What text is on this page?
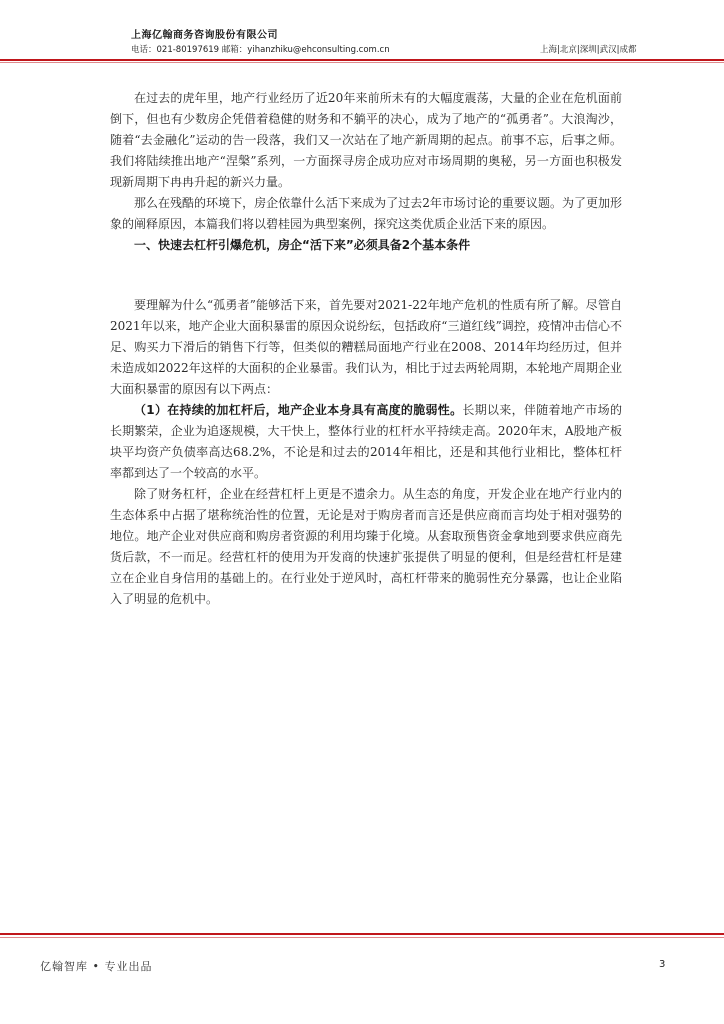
上海亿翰商务咨询股份有限公司
电话：021-80197619 邮箱：yihanzhiku@ehconsulting.com.cn	上海|北京|深圳|武汉|成都

在过去的虎年里，地产行业经历了近20年来前所未有的大幅度震荡，大量的企业在危机面前倒下，但也有少数房企凭借着稳健的财务和不躺平的决心，成为了地产的“孤勇者”。大浪淘沙，随着“去金融化”运动的告一段落，我们又一次站在了地产新周期的起点。前事不忘，后事之师。我们将陆续推出地产“涅槃”系列，一方面探寻房企成功应对市场周期的奥秘，另一方面也积极发现新周期下冉冉升起的新兴力量。

那么在残酷的环境下，房企依靠什么活下来成为了过去2年市场讨论的重要议题。为了更加形象的阐释原因，本篇我们将以碧桂园为典型案例，探究这类优质企业活下来的原因。

一、快速去杠杆引爆危机，房企“活下来”必须具备2个基本条件

要理解为什么“孤勇者”能够活下来，首先要对2021-22年地产危机的性质有所了解。尽管自2021年以来，地产企业大面积暴雷的原因众说纷纭，包括政府“三道红线”调控，疫情冲击信心不足、购买力下滑后的销售下行等，但类似的糟糕局面地产行业在2008、2014年均经历过，但并未造成如2022年这样的大面积的企业暴雷。我们认为，相比于过去两轮周期，本轮地产周期企业大面积暴雷的原因有以下两点：

（1）在持续的加杠杆后，地产企业本身具有高度的脆弱性。长期以来，伴随着地产市场的长期繁荣，企业为追逐规模，大干快上，整体行业的杠杆水平持续走高。2020年末，A股地产板块平均资产负债率高达68.2%，不论是和过去的2014年相比，还是和其他行业相比，整体杠杆率都到达了一个较高的水平。

除了财务杠杆，企业在经营杠杆上更是不遗余力。从生态的角度，开发企业在地产行业内的生态体系中占据了堪称统治性的位置，无论是对于购房者而言还是供应商而言均处于相对强势的地位。地产企业对供应商和购房者资源的利用均臻于化境。从套取预售资金拿地到要求供应商先货后款，不一而足。经营杠杆的使用为开发商的快速扩张提供了明显的便利，但是经营杠杆是建立在企业自身信用的基础上的。在行业处于逆风时，高杠杆带来的脆弱性充分暴露，也让企业陷入了明显的危机中。

亿翰智库 • 专业出品	3
